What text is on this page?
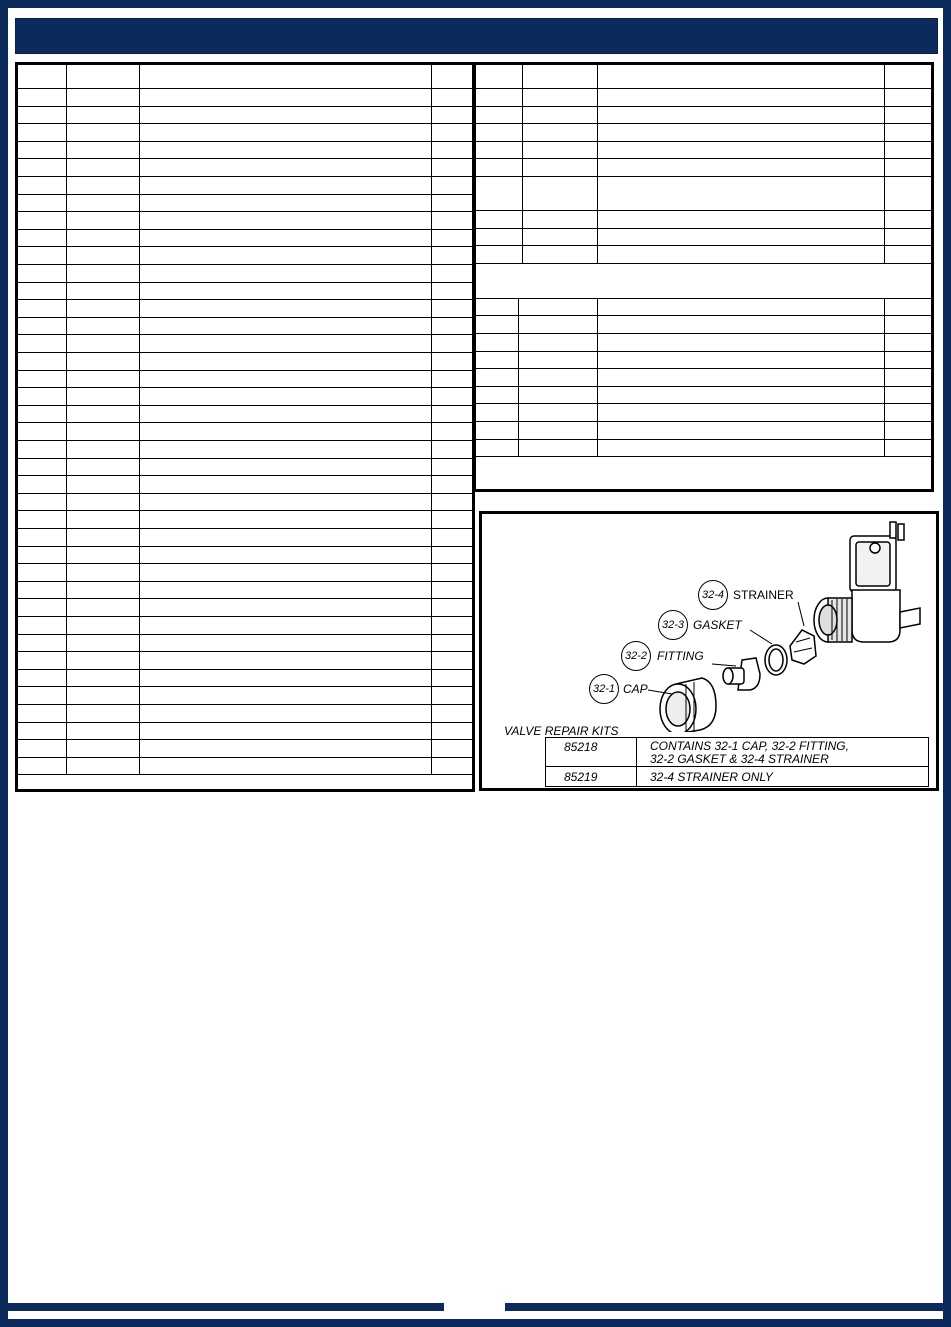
32-4 STRAINER
32-3 GASKET
32-2 FITTING
32-1 CAP
VALVE REPAIR KITS
85218	CONTAINS 32-1 CAP, 32-2 FITTING,
32-2 GASKET & 32-4 STRAINER
85219	32-4 STRAINER ONLY
